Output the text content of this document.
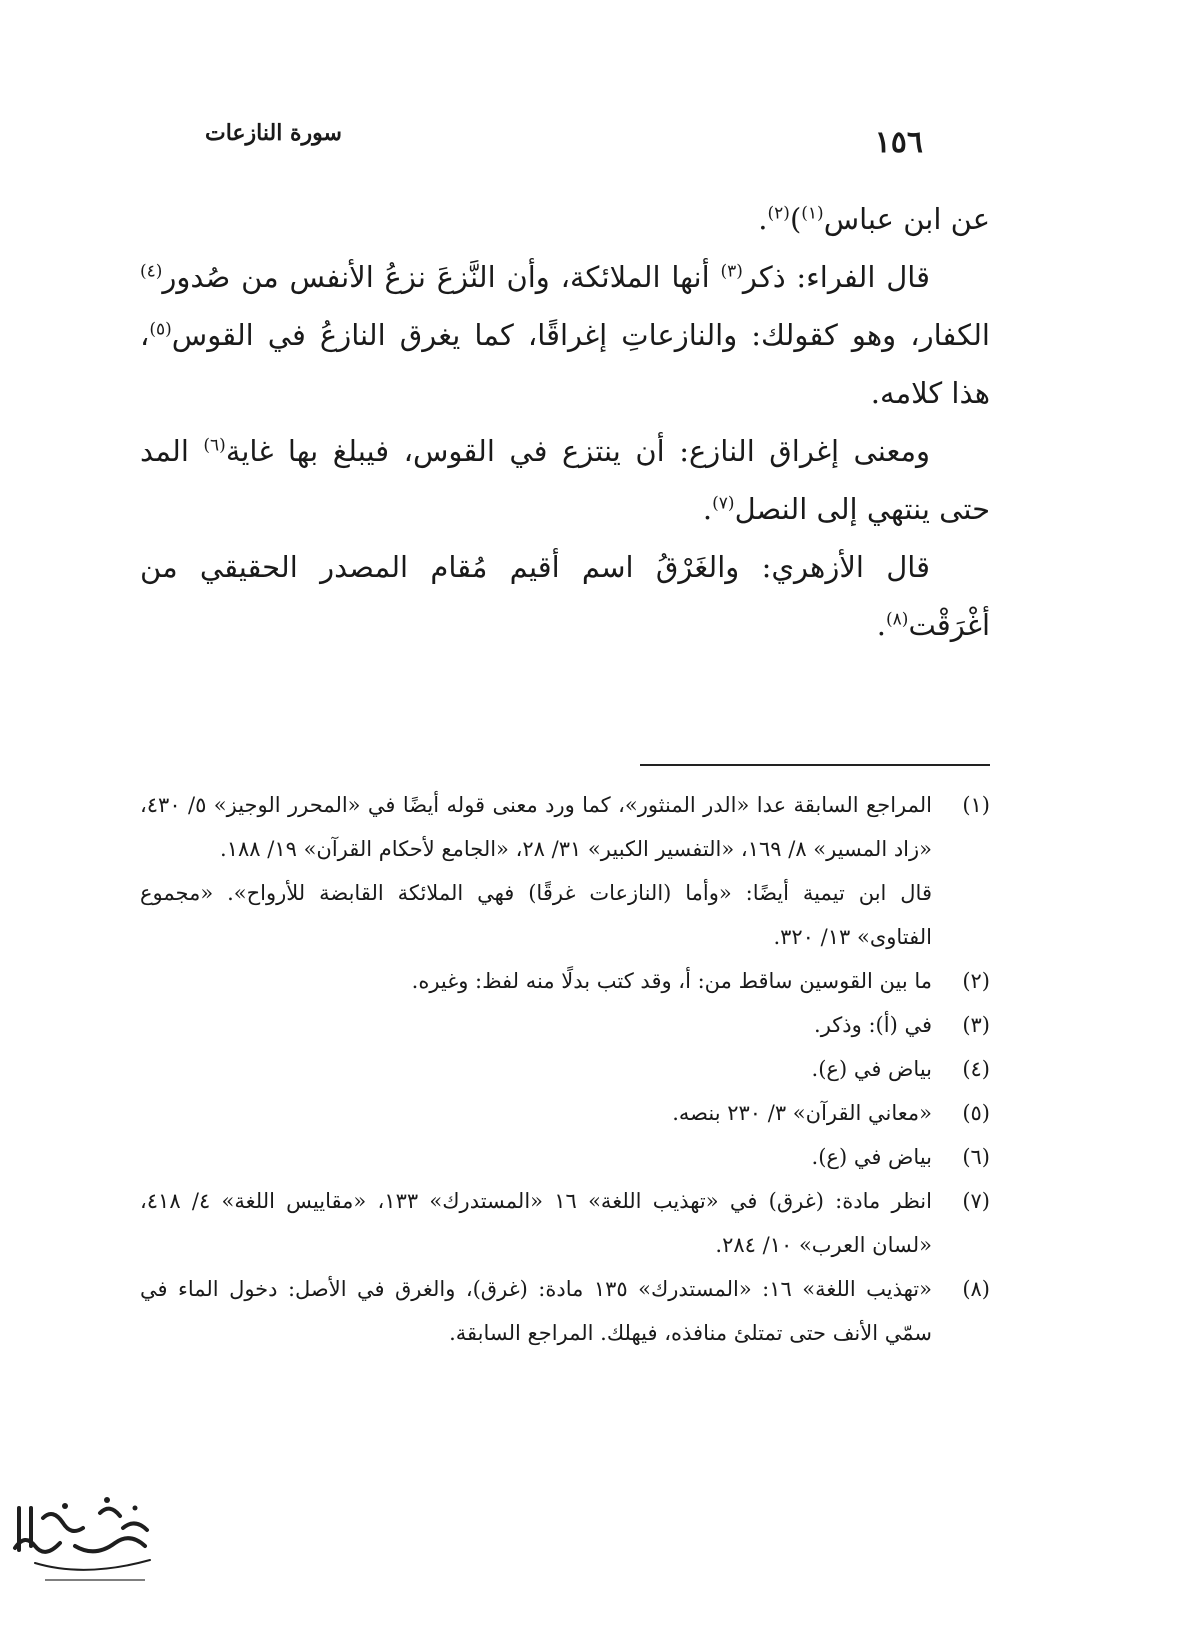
١٥٦
سورة النازعات

عن ابن عباس$^{(١)}$)$^{(٢)}$.

قال الفراء: ذكر$^{(٣)}$ أنها الملائكة، وأن النَّزعَ نزعُ الأنفس من صُدور$^{(٤)}$ الكفار، وهو كقولك: والنازعاتِ إغراقًا، كما يغرق النازعُ في القوس$^{(٥)}$، هذا كلامه.

ومعنى إغراق النازع: أن ينتزع في القوس، فيبلغ بها غاية$^{(٦)}$ المد حتى ينتهي إلى النصل$^{(٧)}$.

قال الأزهري: والغَرْقُ اسم أقيم مُقام المصدر الحقيقي من أغْرَقْت$^{(٨)}$.

(١)
المراجع السابقة عدا «الدر المنثور»، كما ورد معنى قوله أيضًا في «المحرر الوجيز» ٥/ ٤٣٠، «زاد المسير» ٨/ ١٦٩، «التفسير الكبير» ٣١/ ٢٨، «الجامع لأحكام القرآن» ١٩/ ١٨٨.
قال ابن تيمية أيضًا: «وأما (النازعات غرقًا) فهي الملائكة القابضة للأرواح». «مجموع الفتاوى» ١٣/ ٣٢٠.
(٢)
ما بين القوسين ساقط من: أ، وقد كتب بدلًا منه لفظ: وغيره.
(٣)
في (أ): وذكر.
(٤)
بياض في (ع).
(٥)
«معاني القرآن» ٣/ ٢٣٠ بنصه.
(٦)
بياض في (ع).
(٧)
انظر مادة: (غرق) في «تهذيب اللغة» ١٦ «المستدرك» ١٣٣، «مقاييس اللغة» ٤/ ٤١٨، «لسان العرب» ١٠/ ٢٨٤.
(٨)
«تهذيب اللغة» ١٦: «المستدرك» ١٣٥ مادة: (غرق)، والغرق في الأصل: دخول الماء في سمّي الأنف حتى تمتلئ منافذه، فيهلك. المراجع السابقة.
